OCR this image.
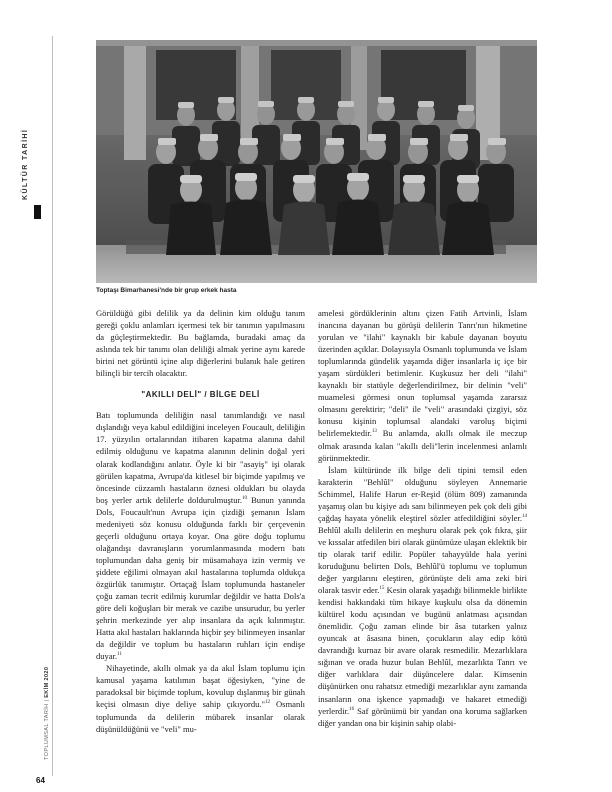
KÜLTÜR TARİHİ
TOPLUMSAL TARİH | EKİM 2020
64
Toptaşı Bimarhanesi'nde bir grup erkek hasta

Görüldüğü gibi delilik ya da delinin kim olduğu tanım gereği çoklu anlamları içermesi tek bir tanımın yapılmasını da güçleştirmektedir. Bu bağlamda, buradaki amaç da aslında tek bir tanımı olan deliliği almak yerine aynı karede birini net görüntü içine alıp diğerlerini bulanık hale getiren bilinçli bir tercih olacaktır.

"AKILLI DELİ" / BİLGE DELİ

Batı toplumunda deliliğin nasıl tanımlandığı ve nasıl dışlandığı veya kabul edildiğini inceleyen Foucault, deliliğin 17. yüzyılın ortalarından itibaren kapatma alanına dahil edilmiş olduğunu ve kapatma alanının delinin doğal yeri olarak kodlandığını anlatır. Öyle ki bir "asayiş" işi olarak görülen kapatma, Avrupa'da kitlesel bir biçimde yapılmış ve öncesinde cüzzamlı hastaların öznesi oldukları bu olayda boş yerler artık delilerle doldurulmuştur.$^{10}$ Bunun yanında Dols, Foucault'nun Avrupa için çizdiği şemanın İslam medeniyeti söz konusu olduğunda farklı bir çerçevenin geçerli olduğunu ortaya koyar. Ona göre doğu toplumu olağandışı davranışların yorumlanmasında modern batı toplumundan daha geniş bir müsamahaya izin vermiş ve şiddete eğilimi olmayan akıl hastalarına toplumda oldukça özgürlük tanımıştır. Ortaçağ İslam toplumunda hastaneler çoğu zaman tecrit edilmiş kurumlar değildir ve hatta Dols'a göre deli koğuşları bir merak ve cazibe unsurudur, bu yerler şehrin merkezinde yer alıp insanlara da açık kılınmıştır. Hatta akıl hastaları haklarında hiçbir şey bilinmeyen insanlar da değildir ve toplum bu hastaların ruhları için endişe duyar.$^{11}$

Nihayetinde, akıllı olmak ya da akıl İslam toplumu için kamusal yaşama katılımın başat öğesiyken, "yine de paradoksal bir biçimde toplum, kovulup dışlanmış bir günah keçisi olmasın diye deliye sahip çıkıyordu."$^{12}$ Osmanlı toplumunda da delilerin mübarek insanlar olarak düşünüldüğünü ve "veli" mu-

amelesi gördüklerinin altını çizen Fatih Artvinli, İslam inancına dayanan bu görüşü delilerin Tanrı'nın hikmetine yorulan ve "ilahi" kaynaklı bir kabule dayanan boyutu üzerinden açıklar. Dolayısıyla Osmanlı toplumunda ve İslam toplumlarında gündelik yaşamda diğer insanlarla iç içe bir yaşam sürdükleri betimlenir. Kuşkusuz her deli "ilahi" kaynaklı bir statüyle değerlendirilmez, bir delinin "veli" muamelesi görmesi onun toplumsal yaşamda zararsız olmasını gerektirir; "deli" ile "veli" arasındaki çizgiyi, söz konusu kişinin toplumsal alandaki varoluş biçimi belirlemektedir.$^{13}$ Bu anlamda, akıllı olmak ile meczup olmak arasında kalan "akıllı deli"lerin incelenmesi anlamlı görünmektedir.

İslam kültüründe ilk bilge deli tipini temsil eden karakterin "Behlûl" olduğunu söyleyen Annemarie Schimmel, Halife Harun er-Reşid (ölüm 809) zamanında yaşamış olan bu kişiye adı sanı bilinmeyen pek çok deli gibi çağdaş hayata yönelik eleştirel sözler atfedildiğini söyler.$^{14}$ Behlûl akıllı delilerin en meşhuru olarak pek çok fıkra, şiir ve kıssalar atfedilen biri olarak günümüze ulaşan eklektik bir tip olarak tarif edilir. Popüler tahayyülde hala yerini koruduğunu belirten Dols, Behlûl'ü toplumu ve toplumun değer yargılarını eleştiren, görünüşte deli ama zeki biri olarak tasvir eder.$^{15}$ Kesin olarak yaşadığı bilinmekle birlikte kendisi hakkındaki tüm hikaye kuşkulu olsa da dönemin kültürel kodu açısından ve bugünü anlatması açısından önemlidir. Çoğu zaman elinde bir âsa tutarken yalnız oyuncak at âsasına binen, çocukların alay edip kötü davrandığı kurnaz bir avare olarak resmedilir. Mezarlıklara sığınan ve orada huzur bulan Behlûl, mezarlıkta Tanrı ve diğer varlıklara dair düşüncelere dalar. Kimsenin düşünürken onu rahatsız etmediği mezarlıklar aynı zamanda insanların ona işkence yapmadığı ve hakaret etmediği yerlerdir.$^{16}$ Saf görünümü bir yandan ona koruma sağlarken diğer yandan ona bir kişinin sahip olabi-
